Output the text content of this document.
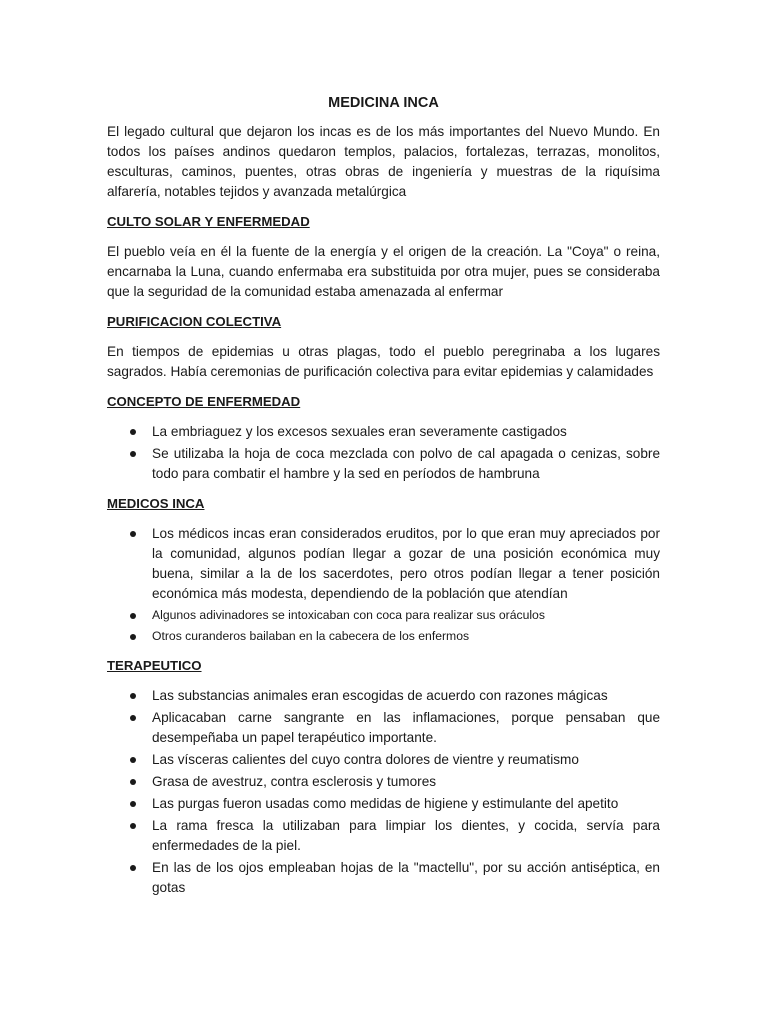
MEDICINA INCA

El legado cultural que dejaron los incas es de los más importantes del Nuevo Mundo. En todos los países andinos quedaron templos, palacios, fortalezas, terrazas, monolitos, esculturas, caminos, puentes, otras obras de ingeniería y muestras de la riquísima alfarería, notables tejidos y avanzada metalúrgica

CULTO SOLAR Y ENFERMEDAD

El pueblo veía en él la fuente de la energía y el origen de la creación. La "Coya" o reina, encarnaba la Luna, cuando enfermaba era substituida por otra mujer, pues se consideraba que la seguridad de la comunidad estaba amenazada al enfermar

PURIFICACION COLECTIVA

En tiempos de epidemias u otras plagas, todo el pueblo peregrinaba a los lugares sagrados. Había ceremonias de purificación colectiva para evitar epidemias y calamidades

CONCEPTO DE ENFERMEDAD
La embriaguez y los excesos sexuales eran severamente castigados
Se utilizaba la hoja de coca mezclada con polvo de cal apagada o cenizas, sobre todo para combatir el hambre y la sed en períodos de hambruna
MEDICOS INCA
Los médicos incas eran considerados eruditos, por lo que eran muy apreciados por la comunidad, algunos podían llegar a gozar de una posición económica muy buena, similar a la de los sacerdotes, pero otros podían llegar a tener posición económica más modesta, dependiendo de la población que atendían
Algunos adivinadores se intoxicaban con coca para realizar sus oráculos
Otros curanderos bailaban en la cabecera de los enfermos
TERAPEUTICO
Las substancias animales eran escogidas de acuerdo con razones mágicas
Aplicacaban carne sangrante en las inflamaciones, porque pensaban que desempeñaba un papel terapéutico importante.
Las vísceras calientes del cuyo contra dolores de vientre y reumatismo
Grasa de avestruz, contra esclerosis y tumores
Las purgas fueron usadas como medidas de higiene y estimulante del apetito
La rama fresca la utilizaban para limpiar los dientes, y cocida, servía para enfermedades de la piel.
En las de los ojos empleaban hojas de la "mactellu", por su acción antiséptica, en gotas
